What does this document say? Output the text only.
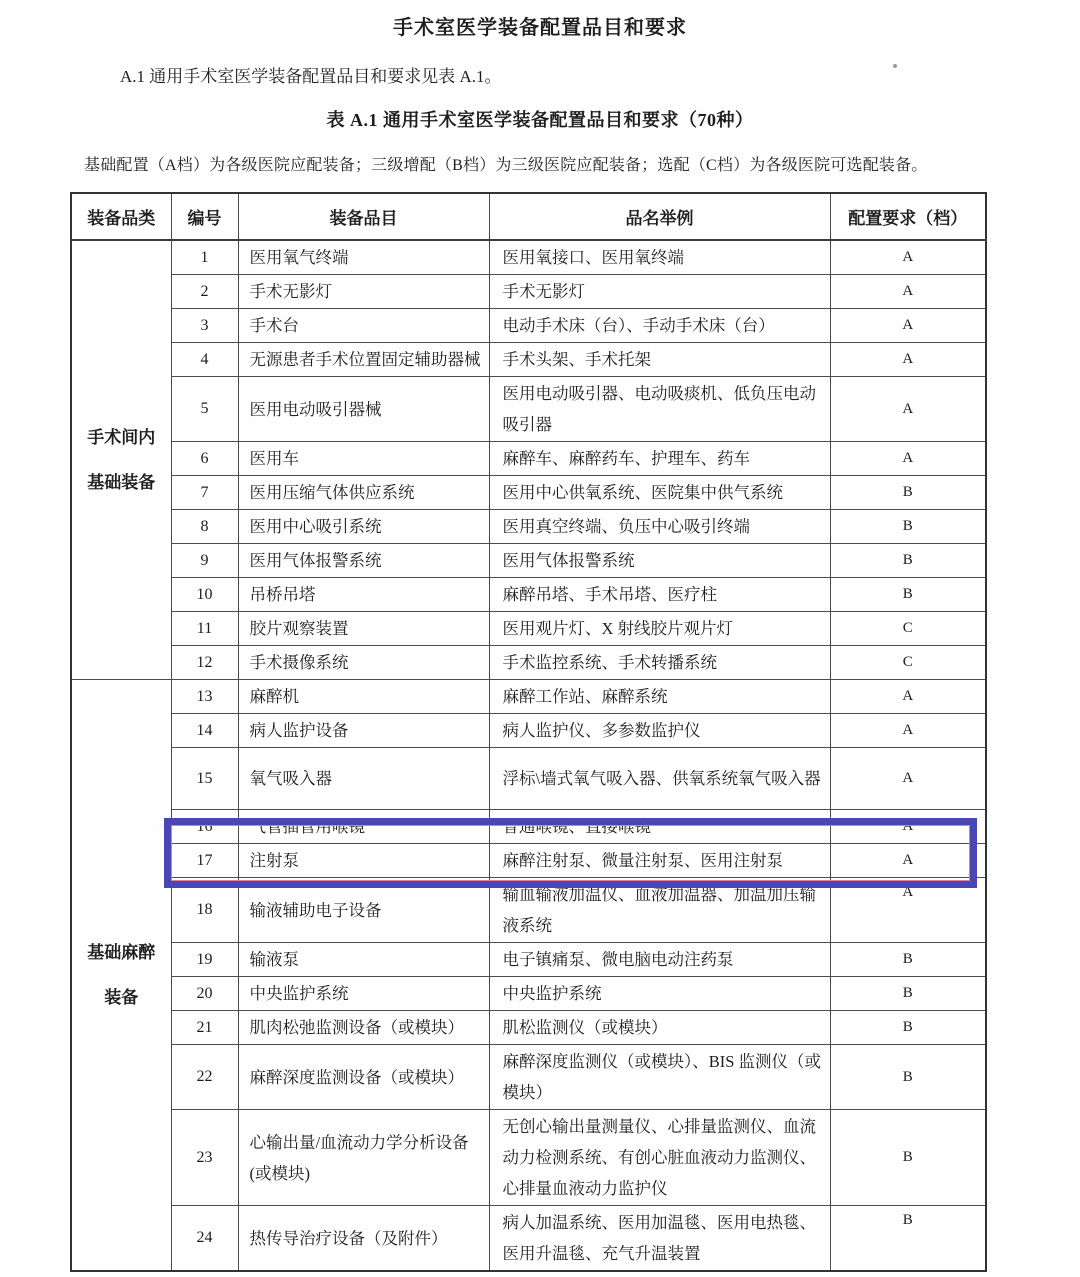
手术室医学装备配置品目和要求

A.1 通用手术室医学装备配置品目和要求见表 A.1。

表 A.1 通用手术室医学装备配置品目和要求（70种）

基础配置（A档）为各级医院应配装备；三级增配（B档）为三级医院应配装备；选配（C档）为各级医院可选配装备。

装备品类	编号	装备品目	品名举例	配置要求（档）

手术间内
基础装备	1	医用氧气终端	医用氧接口、医用氧终端	A
	2	手术无影灯	手术无影灯	A
	3	手术台	电动手术床（台）、手动手术床（台）	A
	4	无源患者手术位置固定辅助器械	手术头架、手术托架	A
	5	医用电动吸引器械	医用电动吸引器、电动吸痰机、低负压电动吸引器	A
	6	医用车	麻醉车、麻醉药车、护理车、药车	A
	7	医用压缩气体供应系统	医用中心供氧系统、医院集中供气系统	B
	8	医用中心吸引系统	医用真空终端、负压中心吸引终端	B
	9	医用气体报警系统	医用气体报警系统	B
	10	吊桥吊塔	麻醉吊塔、手术吊塔、医疗柱	B
	11	胶片观察装置	医用观片灯、X 射线胶片观片灯	C
	12	手术摄像系统	手术监控系统、手术转播系统	C

基础麻醉
装备	13	麻醉机	麻醉工作站、麻醉系统	A
	14	病人监护设备	病人监护仪、多参数监护仪	A
	15	氧气吸入器	浮标\墙式氧气吸入器、供氧系统氧气吸入器	A
	16	气管插管用喉镜	普通喉镜、直接喉镜	A
	17	注射泵	麻醉注射泵、微量注射泵、医用注射泵	A
	18	输液辅助电子设备	输血输液加温仪、血液加温器、加温加压输液系统	A
	19	输液泵	电子镇痛泵、微电脑电动注药泵	B
	20	中央监护系统	中央监护系统	B
	21	肌肉松弛监测设备（或模块）	肌松监测仪（或模块）	B
	22	麻醉深度监测设备（或模块）	麻醉深度监测仪（或模块）、BIS 监测仪（或模块）	B
	23	心输出量/血流动力学分析设备(或模块)	无创心输出量测量仪、心排量监测仪、血流动力检测系统、有创心脏血液动力监测仪、心排量血液动力监护仪	B
	24	热传导治疗设备（及附件）	病人加温系统、医用加温毯、医用电热毯、医用升温毯、充气升温装置	B
